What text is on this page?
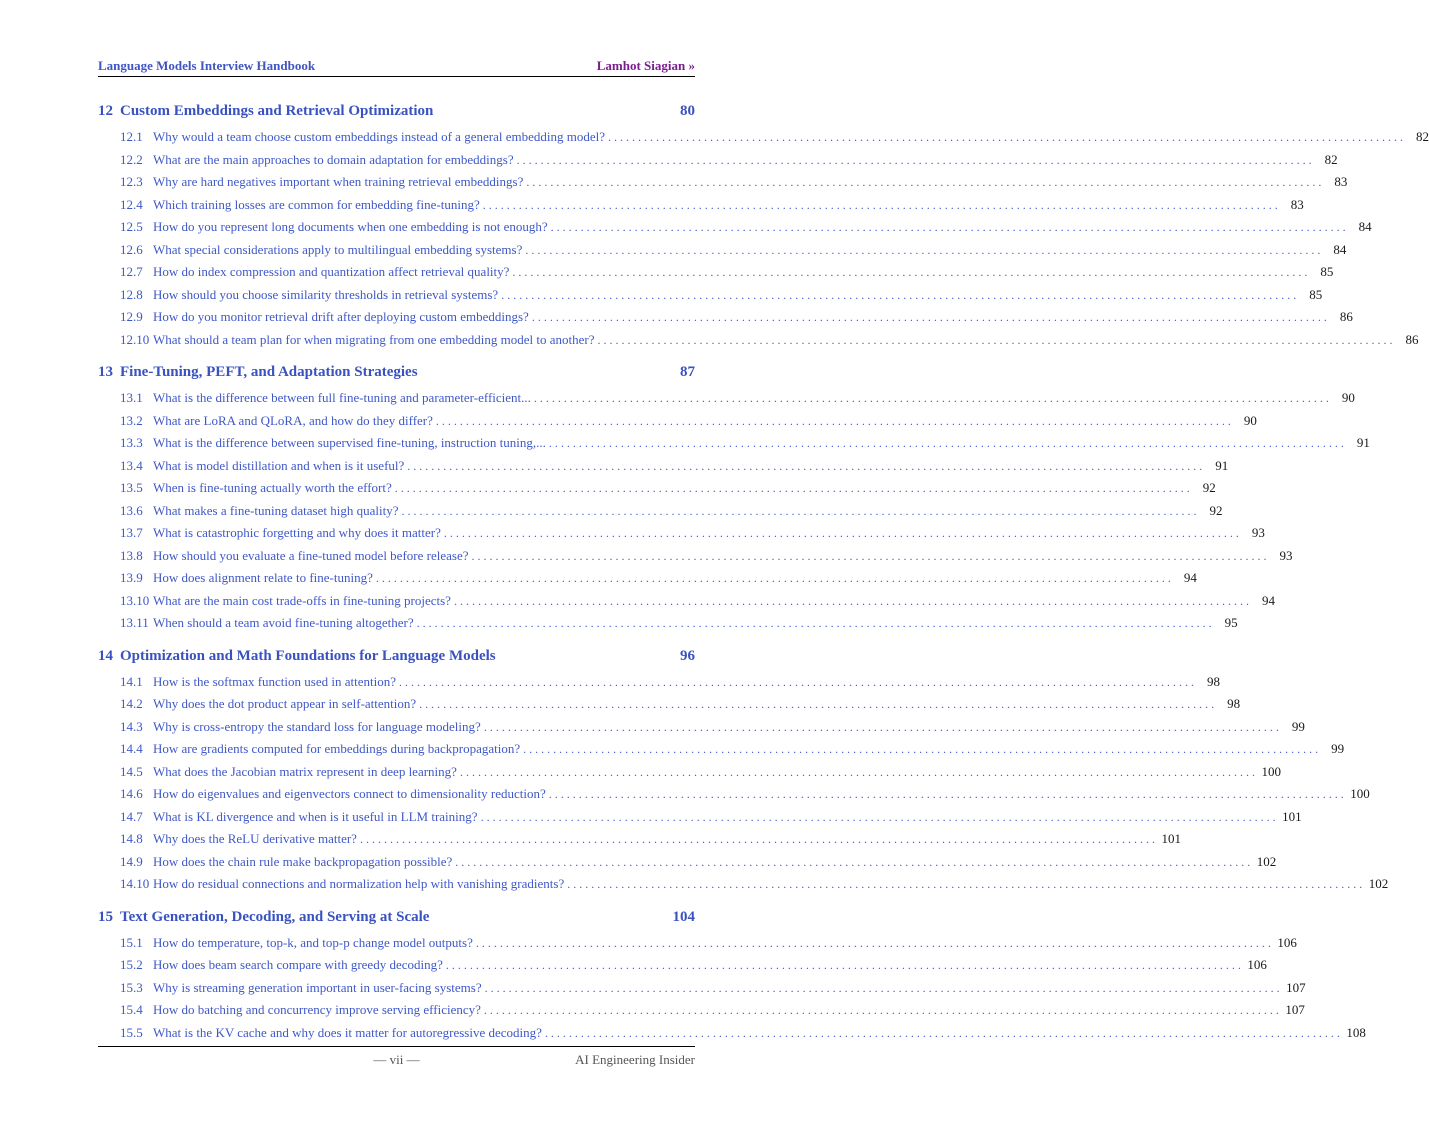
Language Models Interview Handbook	Lamhot Siagian »
12 Custom Embeddings and Retrieval Optimization	80
12.1 Why would a team choose custom embeddings instead of a general embedding model? . . .	82
12.2 What are the main approaches to domain adaptation for embeddings? . . .	82
12.3 Why are hard negatives important when training retrieval embeddings? . . .	83
12.4 Which training losses are common for embedding fine-tuning? . . .	83
12.5 How do you represent long documents when one embedding is not enough? . . .	84
12.6 What special considerations apply to multilingual embedding systems? . . .	84
12.7 How do index compression and quantization affect retrieval quality? . . .	85
12.8 How should you choose similarity thresholds in retrieval systems? . . .	85
12.9 How do you monitor retrieval drift after deploying custom embeddings? . . .	86
12.10 What should a team plan for when migrating from one embedding model to another? . . .	86
13 Fine-Tuning, PEFT, and Adaptation Strategies	87
13.1 What is the difference between full fine-tuning and parameter-efficient... . . .	90
13.2 What are LoRA and QLoRA, and how do they differ? . . .	90
13.3 What is the difference between supervised fine-tuning, instruction tuning,... . . .	91
13.4 What is model distillation and when is it useful? . . .	91
13.5 When is fine-tuning actually worth the effort? . . .	92
13.6 What makes a fine-tuning dataset high quality? . . .	92
13.7 What is catastrophic forgetting and why does it matter? . . .	93
13.8 How should you evaluate a fine-tuned model before release? . . .	93
13.9 How does alignment relate to fine-tuning? . . .	94
13.10 What are the main cost trade-offs in fine-tuning projects? . . .	94
13.11 When should a team avoid fine-tuning altogether? . . .	95
14 Optimization and Math Foundations for Language Models	96
14.1 How is the softmax function used in attention? . . .	98
14.2 Why does the dot product appear in self-attention? . . .	98
14.3 Why is cross-entropy the standard loss for language modeling? . . .	99
14.4 How are gradients computed for embeddings during backpropagation? . . .	99
14.5 What does the Jacobian matrix represent in deep learning? . . .	100
14.6 How do eigenvalues and eigenvectors connect to dimensionality reduction? . . .	100
14.7 What is KL divergence and when is it useful in LLM training? . . .	101
14.8 Why does the ReLU derivative matter? . . .	101
14.9 How does the chain rule make backpropagation possible? . . .	102
14.10 How do residual connections and normalization help with vanishing gradients? . . .	102
15 Text Generation, Decoding, and Serving at Scale	104
15.1 How do temperature, top-k, and top-p change model outputs? . . .	106
15.2 How does beam search compare with greedy decoding? . . .	106
15.3 Why is streaming generation important in user-facing systems? . . .	107
15.4 How do batching and concurrency improve serving efficiency? . . .	107
15.5 What is the KV cache and why does it matter for autoregressive decoding? . . .	108
— vii —	AI Engineering Insider
